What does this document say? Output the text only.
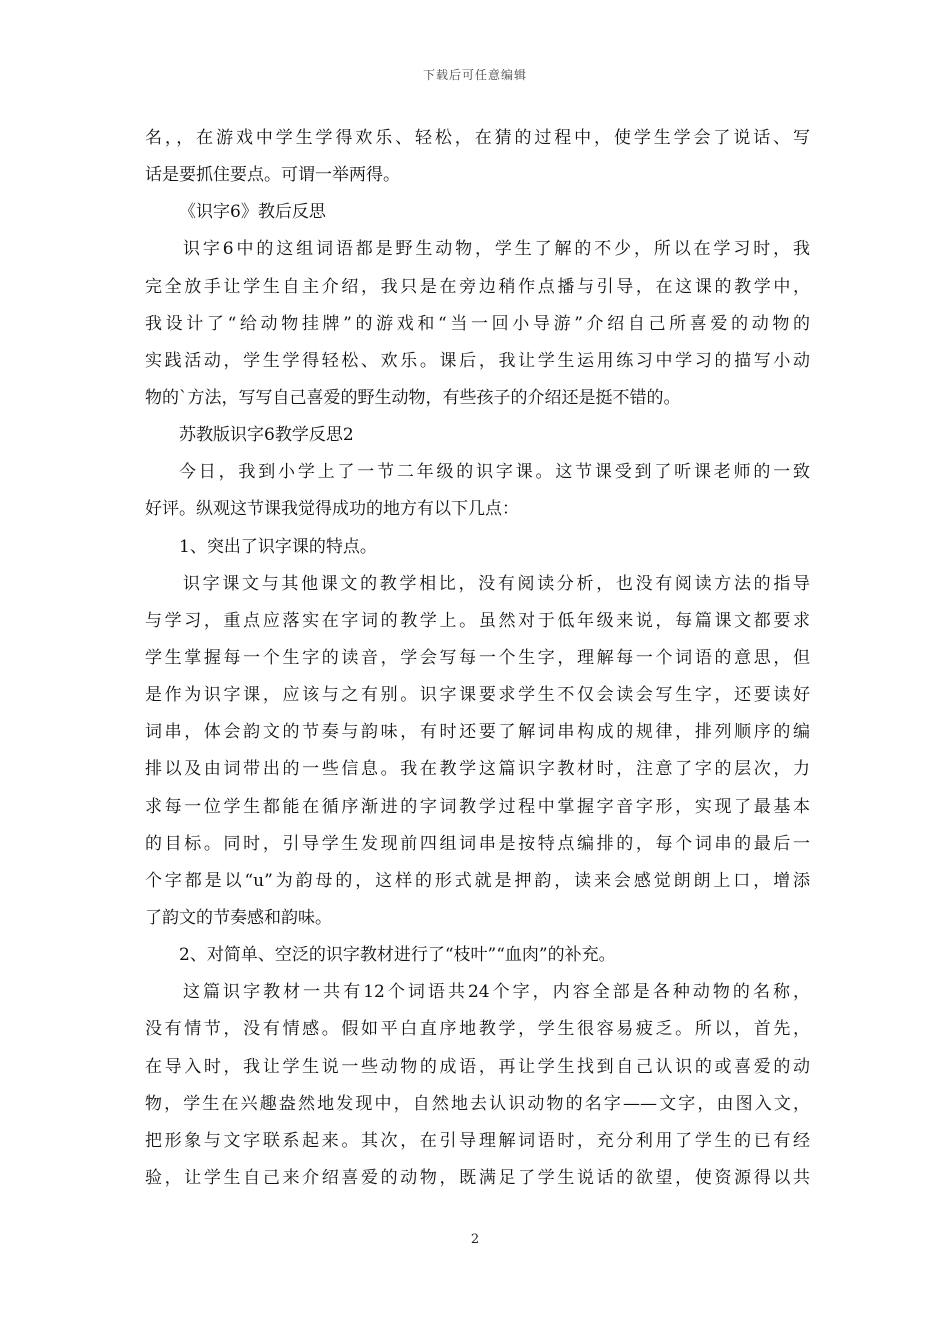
下载后可任意编辑
名，，在游戏中学生学得欢乐、轻松，在猜的过程中，使学生学会了说话、写
话是要抓住要点。可谓一举两得。
《识字6》教后反思
识字6中的这组词语都是野生动物，学生了解的不少，所以在学习时，我
完全放手让学生自主介绍，我只是在旁边稍作点播与引导，在这课的教学中，
我设计了“给动物挂牌”的游戏和“当一回小导游”介绍自己所喜爱的动物的
实践活动，学生学得轻松、欢乐。课后，我让学生运用练习中学习的描写小动
物的`方法，写写自己喜爱的野生动物，有些孩子的介绍还是挺不错的。
苏教版识字6教学反思2
今日，我到小学上了一节二年级的识字课。这节课受到了听课老师的一致
好评。纵观这节课我觉得成功的地方有以下几点：
1、突出了识字课的特点。
识字课文与其他课文的教学相比，没有阅读分析，也没有阅读方法的指导
与学习，重点应落实在字词的教学上。虽然对于低年级来说，每篇课文都要求
学生掌握每一个生字的读音，学会写每一个生字，理解每一个词语的意思，但
是作为识字课，应该与之有别。识字课要求学生不仅会读会写生字，还要读好
词串，体会韵文的节奏与韵味，有时还要了解词串构成的规律，排列顺序的编
排以及由词带出的一些信息。我在教学这篇识字教材时，注意了字的层次，力
求每一位学生都能在循序渐进的字词教学过程中掌握字音字形，实现了最基本
的目标。同时，引导学生发现前四组词串是按特点编排的，每个词串的最后一
个字都是以“u”为韵母的，这样的形式就是押韵，读来会感觉朗朗上口，增添
了韵文的节奏感和韵味。
2、对简单、空泛的识字教材进行了“枝叶”“血肉”的补充。
这篇识字教材一共有12个词语共24个字，内容全部是各种动物的名称，
没有情节，没有情感。假如平白直序地教学，学生很容易疲乏。所以，首先，
在导入时，我让学生说一些动物的成语，再让学生找到自己认识的或喜爱的动
物，学生在兴趣盎然地发现中，自然地去认识动物的名字——文字，由图入文，
把形象与文字联系起来。其次，在引导理解词语时，充分利用了学生的已有经
验，让学生自己来介绍喜爱的动物，既满足了学生说话的欲望，使资源得以共
2
